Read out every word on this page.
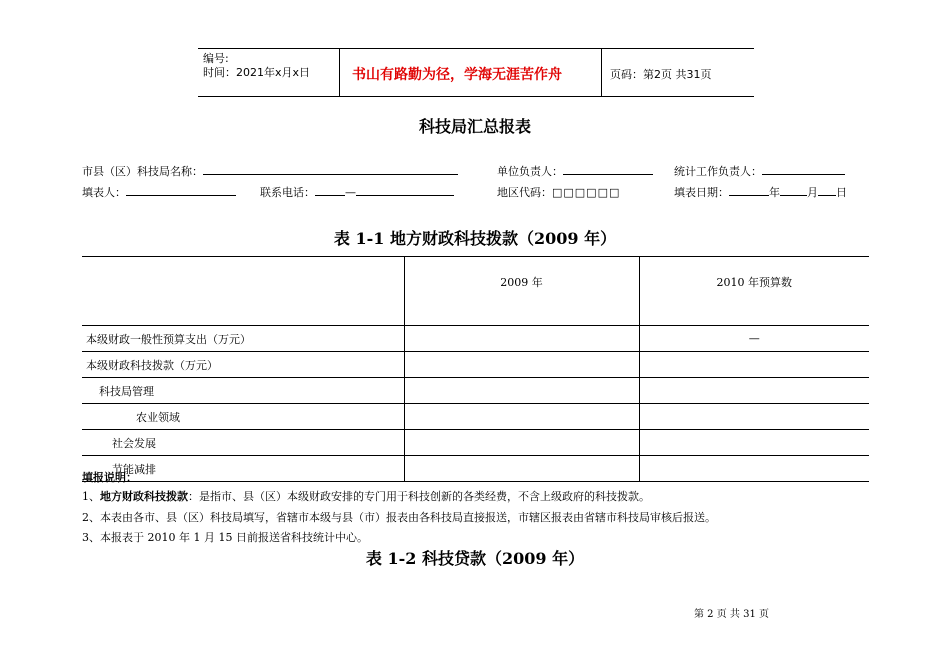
编号:
时间：2021年x月x日	书山有路勤为径，学海无涯苦作舟	页码：第2页 共31页
科技局汇总报表
市县（区）科技局名称：	单位负责人：	统计工作负责人：
填表人：	联系电话：	—	地区代码：□□□□□□	填表日期：	年 月 日
表 1-1 地方财政科技拨款（2009 年）
	2009 年	2010 年预算数
本级财政一般性预算支出（万元）		—
本级财政科技拨款（万元）		
科技局管理		
农业领域		
社会发展		
节能减排		
填报说明：
1、地方财政科技拨款：是指市、县（区）本级财政安排的专门用于科技创新的各类经费，不含上级政府的科技拨款。
2、本表由各市、县（区）科技局填写，省辖市本级与县（市）报表由各科技局直接报送，市辖区报表由省辖市科技局审核后报送。
3、本报表于 2010 年 1 月 15 日前报送省科技统计中心。
表 1-2 科技贷款（2009 年）
第 2 页 共 31 页
